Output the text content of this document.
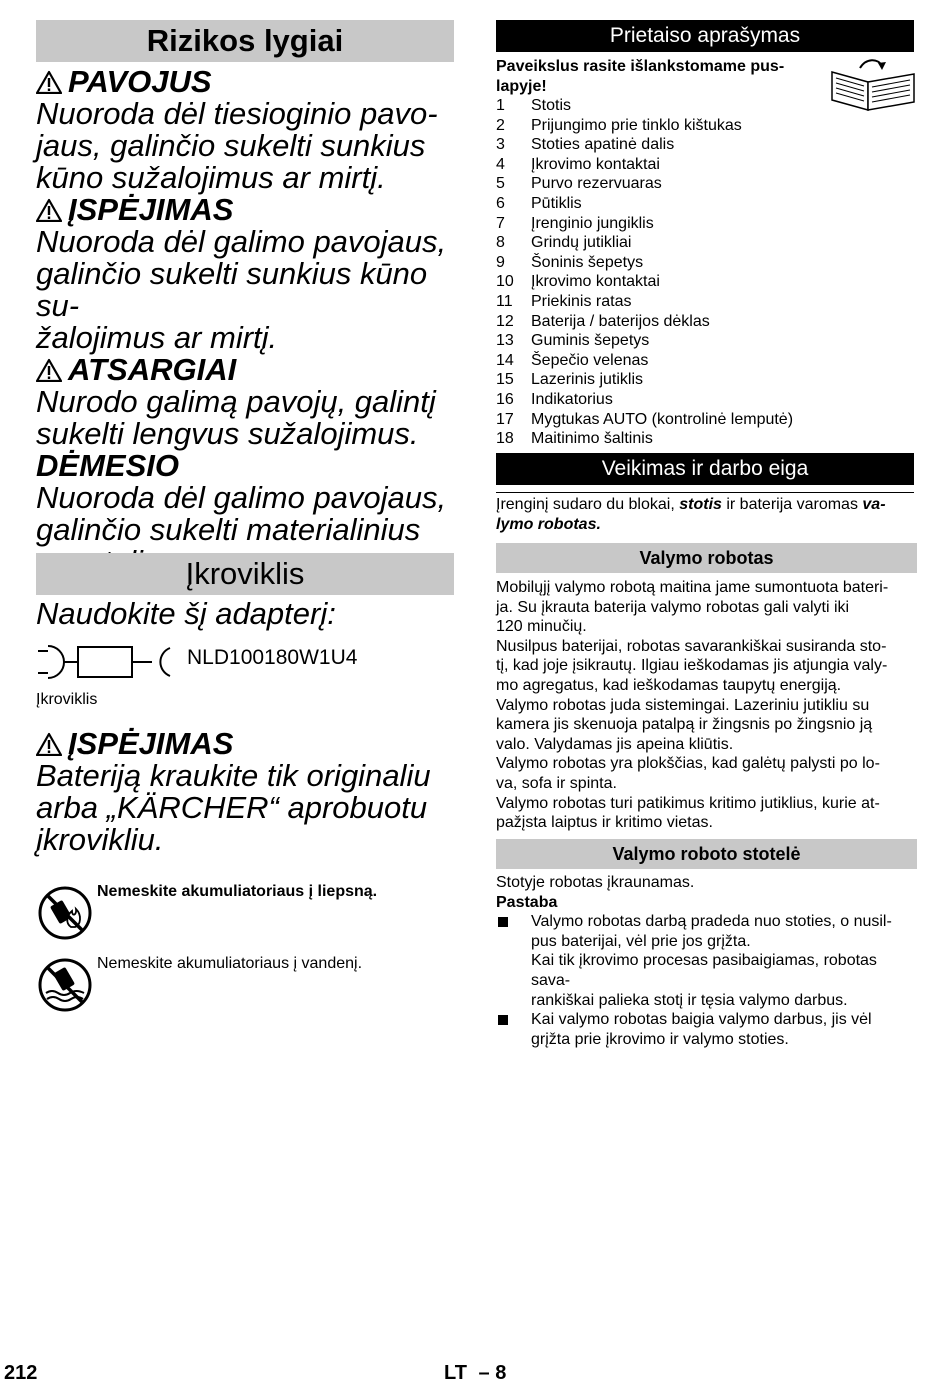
Rizikos lygiai
PAVOJUS
Nuoroda dėl tiesioginio pavo-
jaus, galinčio sukelti sunkius
kūno sužalojimus ar mirtį.
ĮSPĖJIMAS
Nuoroda dėl galimo pavojaus,
galinčio sukelti sunkius kūno su-
žalojimus ar mirtį.
ATSARGIAI
Nurodo galimą pavojų, galintį
sukelti lengvus sužalojimus.
DĖMESIO
Nuoroda dėl galimo pavojaus,
galinčio sukelti materialinius
Įkroviklis
Naudokite šį adapterį:
NLD100180W1U4
Įkroviklis
ĮSPĖJIMAS
Bateriją kraukite tik originaliu
arba „KÄRCHER“ aprobuotu
įkrovikliu.
Nemeskite akumuliatoriaus į liepsną.
Nemeskite akumuliatoriaus į vandenį.
Prietaiso aprašymas
Paveikslus rasite išlankstomame pus-
lapyje!
1	Stotis
2	Prijungimo prie tinklo kištukas
3	Stoties apatinė dalis
4	Įkrovimo kontaktai
5	Purvo rezervuaras
6	Pūtiklis
7	Įrenginio jungiklis
8	Grindų jutikliai
9	Šoninis šepetys
10	Įkrovimo kontaktai
11	Priekinis ratas
12	Baterija / baterijos dėklas
13	Guminis šepetys
14	Šepečio velenas
15	Lazerinis jutiklis
16	Indikatorius
17	Mygtukas AUTO (kontrolinė lemputė)
18	Maitinimo šaltinis
Veikimas ir darbo eiga
Įrenginį sudaro du blokai, stotis ir baterija varomas va-
lymo robotas.
Valymo robotas
Mobilųjį valymo robotą maitina jame sumontuota bateri-
ja. Su įkrauta baterija valymo robotas gali valyti iki
120 minučių.
Nusilpus baterijai, robotas savarankiškai susiranda sto-
tį, kad joje įsikrautų. Ilgiau ieškodamas jis atjungia valy-
mo agregatus, kad ieškodamas taupytų energiją.
Valymo robotas juda sistemingai. Lazeriniu jutikliu su
kamera jis skenuoja patalpą ir žingsnis po žingsnio ją
valo. Valydamas jis apeina kliūtis.
Valymo robotas yra plokščias, kad galėtų palysti po lo-
va, sofa ir spinta.
Valymo robotas turi patikimus kritimo jutiklius, kurie at-
pažįsta laiptus ir kritimo vietas.
Valymo roboto stotelė
Stotyje robotas įkraunamas.
Pastaba
Valymo robotas darbą pradeda nuo stoties, o nusil-
pus baterijai, vėl prie jos grįžta.
Kai tik įkrovimo procesas pasibaigiamas, robotas sava-
rankiškai palieka stotį ir tęsia valymo darbus.
Kai valymo robotas baigia valymo darbus, jis vėl
grįžta prie įkrovimo ir valymo stoties.
212	LT – 8
